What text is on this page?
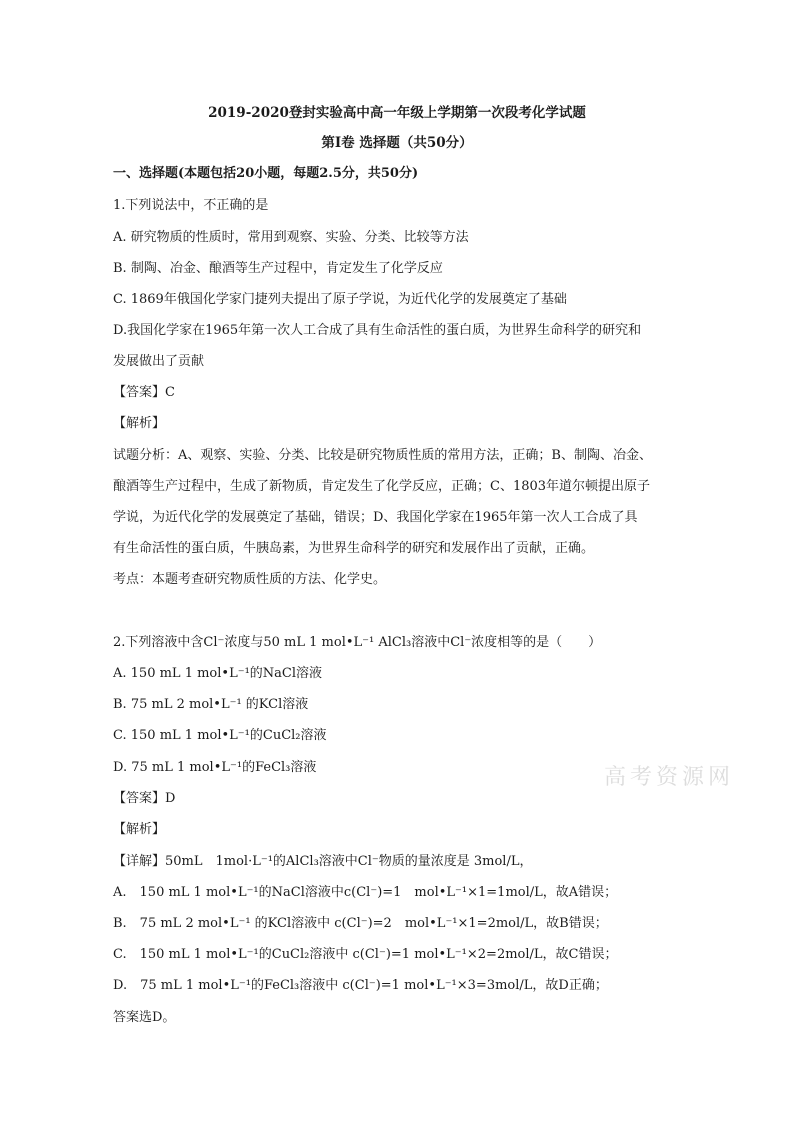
2019-2020登封实验高中高一年级上学期第一次段考化学试题
第Ⅰ卷 选择题（共50分）
一、选择题(本题包括20小题，每题2.5分，共50分)
1.下列说法中，不正确的是
A. 研究物质的性质时，常用到观察、实验、分类、比较等方法
B. 制陶、冶金、酿酒等生产过程中，肯定发生了化学反应
C. 1869年俄国化学家门捷列夫提出了原子学说，为近代化学的发展奠定了基础
D.我国化学家在1965年第一次人工合成了具有生命活性的蛋白质，为世界生命科学的研究和
发展做出了贡献
【答案】C
【解析】
试题分析：A、观察、实验、分类、比较是研究物质性质的常用方法，正确；B、制陶、冶金、
酿酒等生产过程中，生成了新物质，肯定发生了化学反应，正确；C、1803年道尔顿提出原子
学说，为近代化学的发展奠定了基础，错误；D、我国化学家在1965年第一次人工合成了具
有生命活性的蛋白质，牛胰岛素，为世界生命科学的研究和发展作出了贡献，正确。
考点：本题考查研究物质性质的方法、化学史。
2.下列溶液中含Cl⁻浓度与50 mL 1 mol•L⁻¹ AlCl₃溶液中Cl⁻浓度相等的是（　　）
A. 150 mL 1 mol•L⁻¹的NaCl溶液
B. 75 mL 2 mol•L⁻¹ 的KCl溶液
C. 150 mL 1 mol•L⁻¹的CuCl₂溶液
D. 75 mL 1 mol•L⁻¹的FeCl₃溶液
【答案】D
【解析】
【详解】50mL　1mol·L⁻¹的AlCl₃溶液中Cl⁻物质的量浓度是 3mol/L，
A.　150 mL 1 mol•L⁻¹的NaCl溶液中c(Cl⁻)=1　mol•L⁻¹×1=1mol/L，故A错误；
B.　75 mL 2 mol•L⁻¹ 的KCl溶液中 c(Cl⁻)=2　mol•L⁻¹×1=2mol/L，故B错误；
C.　150 mL 1 mol•L⁻¹的CuCl₂溶液中 c(Cl⁻)=1 mol•L⁻¹×2=2mol/L，故C错误；
D.　75 mL 1 mol•L⁻¹的FeCl₃溶液中 c(Cl⁻)=1 mol•L⁻¹×3=3mol/L，故D正确；
答案选D。
高考资源网
